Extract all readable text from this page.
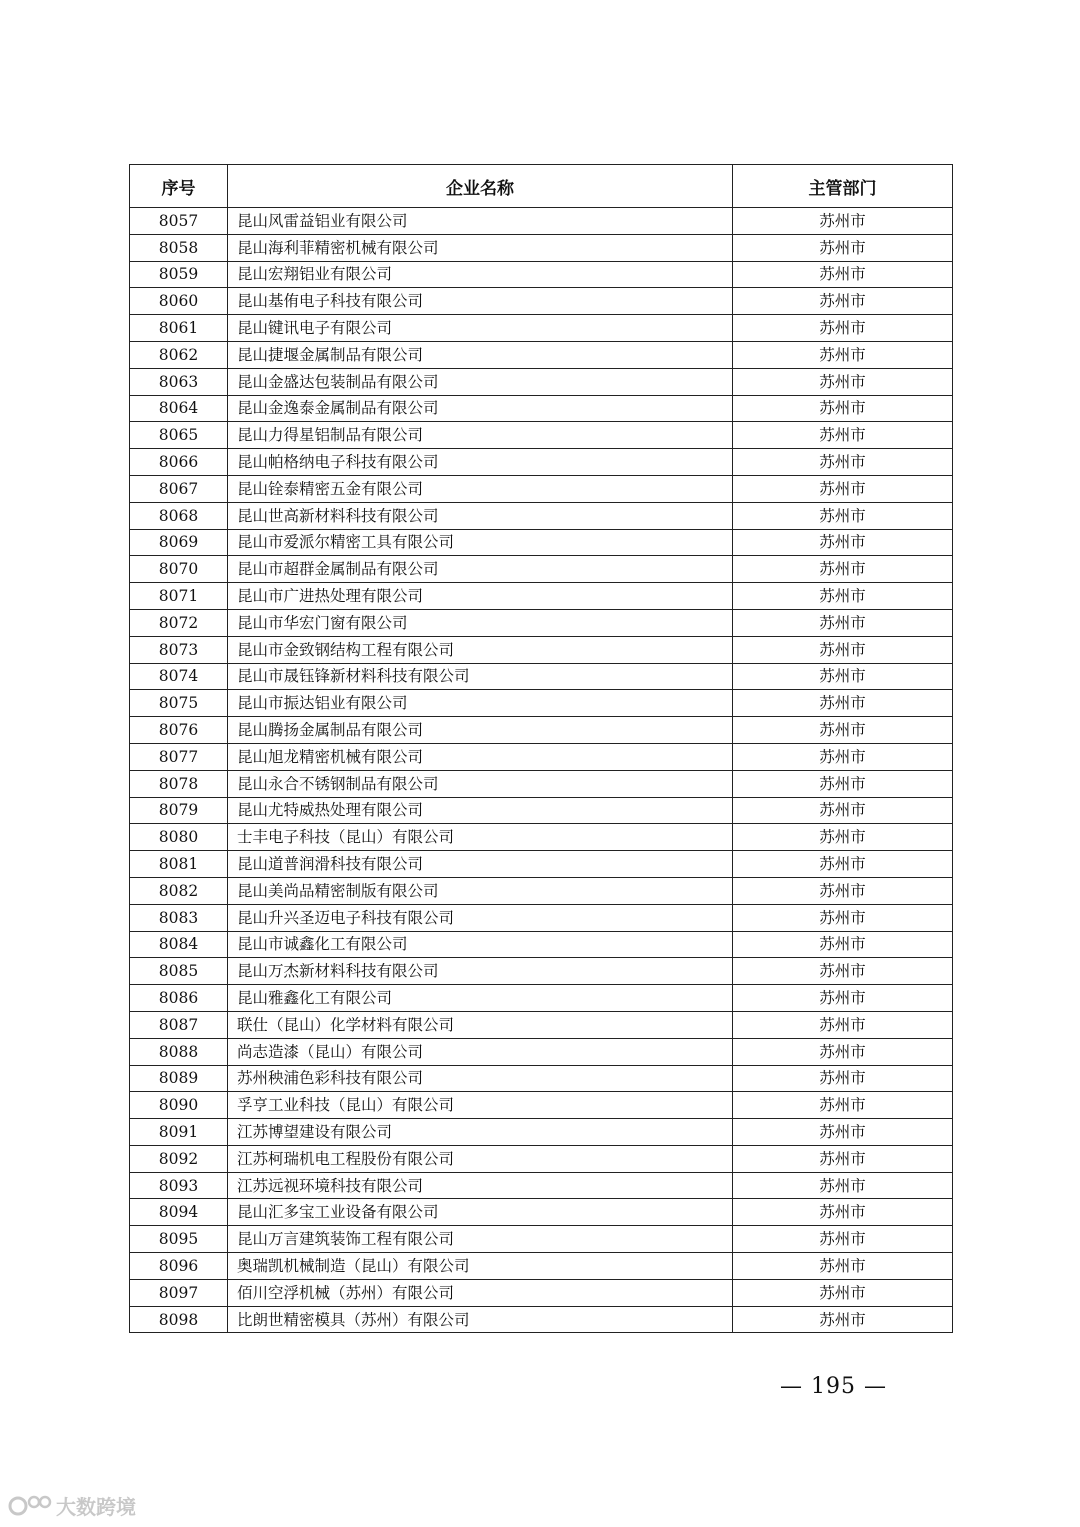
序号	企业名称	主管部门
8057	昆山风雷益铝业有限公司	苏州市
8058	昆山海利菲精密机械有限公司	苏州市
8059	昆山宏翔铝业有限公司	苏州市
8060	昆山基侑电子科技有限公司	苏州市
8061	昆山键讯电子有限公司	苏州市
8062	昆山捷堰金属制品有限公司	苏州市
8063	昆山金盛达包装制品有限公司	苏州市
8064	昆山金逸泰金属制品有限公司	苏州市
8065	昆山力得星铝制品有限公司	苏州市
8066	昆山帕格纳电子科技有限公司	苏州市
8067	昆山铨泰精密五金有限公司	苏州市
8068	昆山世高新材料科技有限公司	苏州市
8069	昆山市爱派尔精密工具有限公司	苏州市
8070	昆山市超群金属制品有限公司	苏州市
8071	昆山市广进热处理有限公司	苏州市
8072	昆山市华宏门窗有限公司	苏州市
8073	昆山市金致钢结构工程有限公司	苏州市
8074	昆山市晟钰锋新材料科技有限公司	苏州市
8075	昆山市振达铝业有限公司	苏州市
8076	昆山腾扬金属制品有限公司	苏州市
8077	昆山旭龙精密机械有限公司	苏州市
8078	昆山永合不锈钢制品有限公司	苏州市
8079	昆山尤特威热处理有限公司	苏州市
8080	士丰电子科技（昆山）有限公司	苏州市
8081	昆山道普润滑科技有限公司	苏州市
8082	昆山美尚品精密制版有限公司	苏州市
8083	昆山升兴圣迈电子科技有限公司	苏州市
8084	昆山市诚鑫化工有限公司	苏州市
8085	昆山万杰新材料科技有限公司	苏州市
8086	昆山雅鑫化工有限公司	苏州市
8087	联仕（昆山）化学材料有限公司	苏州市
8088	尚志造漆（昆山）有限公司	苏州市
8089	苏州秧浦色彩科技有限公司	苏州市
8090	孚亨工业科技（昆山）有限公司	苏州市
8091	江苏博望建设有限公司	苏州市
8092	江苏柯瑞机电工程股份有限公司	苏州市
8093	江苏远视环境科技有限公司	苏州市
8094	昆山汇多宝工业设备有限公司	苏州市
8095	昆山万言建筑装饰工程有限公司	苏州市
8096	奥瑞凯机械制造（昆山）有限公司	苏州市
8097	佰川空浮机械（苏州）有限公司	苏州市
8098	比朗世精密模具（苏州）有限公司	苏州市
— 195 —
大数跨境
